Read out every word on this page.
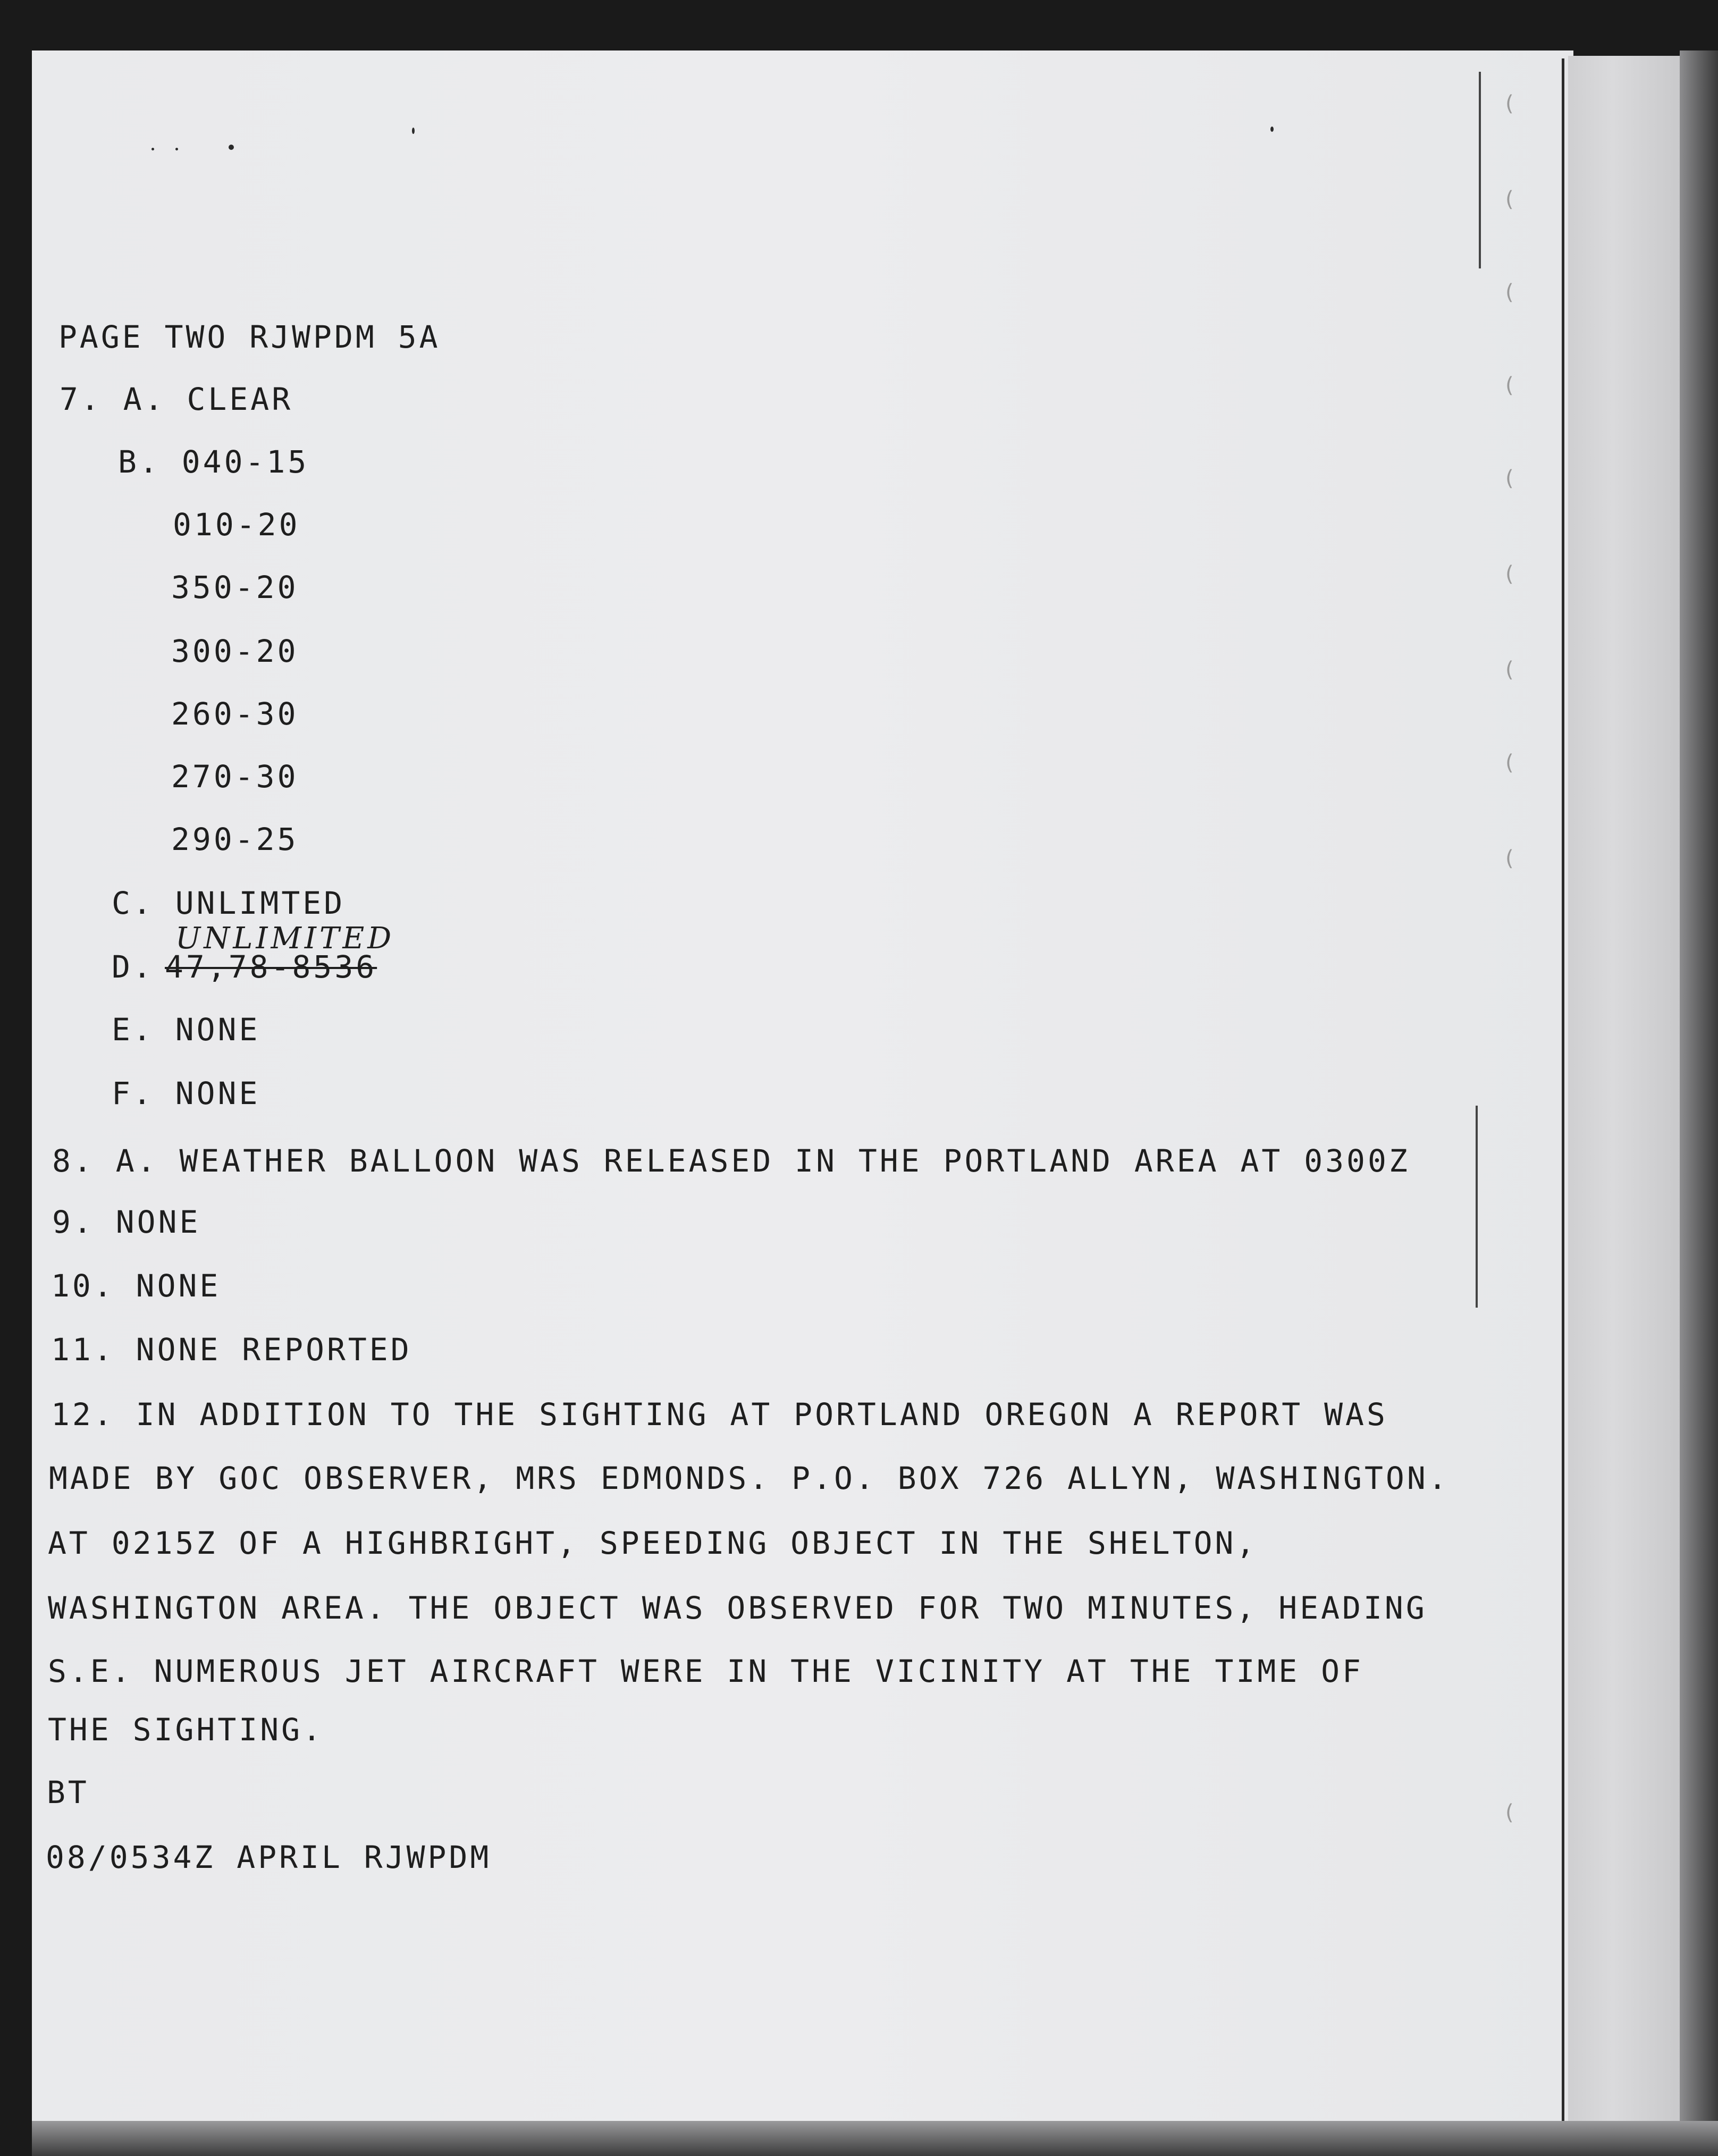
(
(
(
(
(
(
(
(
(
(
PAGE TWO RJWPDM 5A
7. A. CLEAR
B. 040-15
010-20
350-20
300-20
260-30
270-30
290-25
C. UNLIMTED
UNLIMITED
D. 47,78-8536
E. NONE
F. NONE
8. A. WEATHER BALLOON WAS RELEASED IN THE PORTLAND AREA AT 0300Z
9. NONE
10. NONE
11. NONE REPORTED
12. IN ADDITION TO THE SIGHTING AT PORTLAND OREGON A REPORT WAS
MADE BY GOC OBSERVER, MRS EDMONDS. P.O. BOX 726 ALLYN, WASHINGTON.
AT 0215Z OF A HIGHBRIGHT, SPEEDING OBJECT IN THE SHELTON,
WASHINGTON AREA. THE OBJECT WAS OBSERVED FOR TWO MINUTES, HEADING
S.E. NUMEROUS JET AIRCRAFT WERE IN THE VICINITY AT THE TIME OF
THE SIGHTING.
BT
08/0534Z APRIL RJWPDM
